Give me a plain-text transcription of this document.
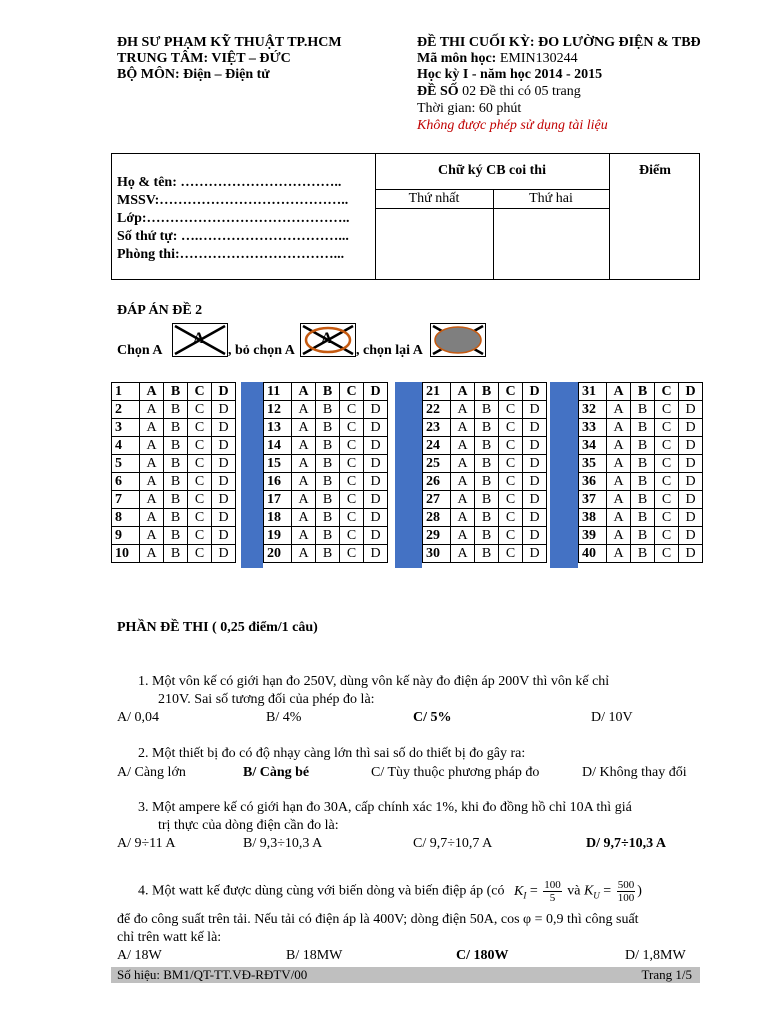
ĐH SƯ PHẠM KỸ THUẬT TP.HCM
TRUNG TÂM: VIỆT – ĐỨC
BỘ MÔN: Điện – Điện tử
ĐỀ THI CUỐI KỲ: ĐO LƯỜNG ĐIỆN & TBĐ
Mã môn học: EMIN130244
Học kỳ I - năm học 2014 - 2015
ĐỀ SỐ 02 Đề thi có 05 trang
Thời gian: 60 phút
Không được phép sử dụng tài liệu
Họ & tên: ……………………………..
MSSV:…………………………………..
Lớp:……………………………………..
Số thứ tự: ….…………………………...
Phòng thi:……………………………...
Chữ ký CB coi thi	Điểm
Thứ nhất	Thứ hai
ĐÁP ÁN ĐỀ 2
Chọn A
A
, bỏ chọn A
A
, chọn lại A
1	A	B	C	D
2	A	B	C	D
3	A	B	C	D
4	A	B	C	D
5	A	B	C	D
6	A	B	C	D
7	A	B	C	D
8	A	B	C	D
9	A	B	C	D
10	A	B	C	D
11	A	B	C	D
12	A	B	C	D
13	A	B	C	D
14	A	B	C	D
15	A	B	C	D
16	A	B	C	D
17	A	B	C	D
18	A	B	C	D
19	A	B	C	D
20	A	B	C	D
21	A	B	C	D
22	A	B	C	D
23	A	B	C	D
24	A	B	C	D
25	A	B	C	D
26	A	B	C	D
27	A	B	C	D
28	A	B	C	D
29	A	B	C	D
30	A	B	C	D
31	A	B	C	D
32	A	B	C	D
33	A	B	C	D
34	A	B	C	D
35	A	B	C	D
36	A	B	C	D
37	A	B	C	D
38	A	B	C	D
39	A	B	C	D
40	A	B	C	D
PHẦN ĐỀ THI ( 0,25 điểm/1 câu)
1. Một vôn kế có giới hạn đo 250V, dùng vôn kế này đo điện áp 200V thì vôn kế chỉ
210V. Sai số tương đối của phép đo là:
A/ 0,04	B/ 4%	C/ 5%	D/ 10V
2. Một thiết bị đo có độ nhạy càng lớn thì sai số do thiết bị đo gây ra:
A/ Càng lớn	B/ Càng bé	C/ Tùy thuộc phương pháp đo	D/ Không thay đổi
3. Một ampere kế có giới hạn đo 30A, cấp chính xác 1%, khi đo đồng hồ chỉ 10A thì giá
trị thực của dòng điện cần đo là:
A/ 9÷11 A	B/ 9,3÷10,3 A	C/ 9,7÷10,7 A	D/ 9,7÷10,3 A
4. Một watt kế được dùng cùng với biến dòng và biến điệp áp (có $K_I = \frac{100}{5}$ và $K_U = \frac{500}{100}$ )
để đo công suất trên tải. Nếu tải có điện áp là 400V; dòng điện 50A, cos φ = 0,9 thì công suất
chỉ trên watt kế là:
A/ 18W	B/ 18MW	C/ 180W	D/ 1,8MW
Số hiệu: BM1/QT-TT.VĐ-RĐTV/00	Trang 1/5
